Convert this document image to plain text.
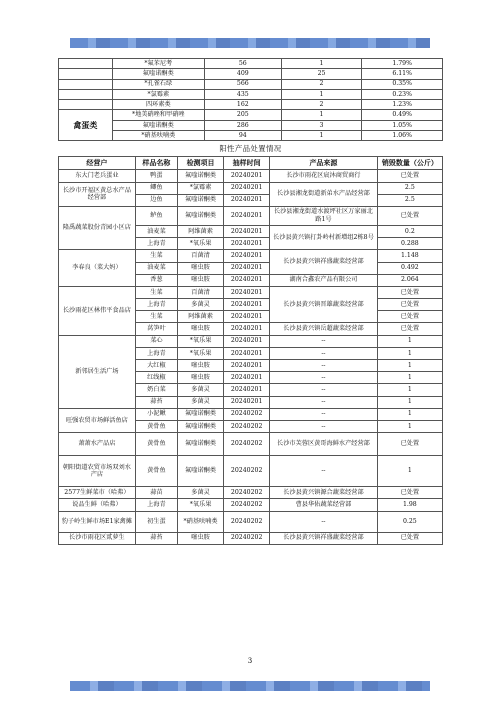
	*氟苯尼考	56	1	1.79%
	氟喹诺酮类	409	25	6.11%
	*孔雀石绿	566	2	0.35%
	*氯霉素	435	1	0.23%
	四环素类	162	2	1.23%
禽蛋类	*地美硝唑和甲硝唑	205	1	0.49%
	氟喹诺酮类	286	3	1.05%
	*硝基呋喃类	94	1	1.06%
阳性产品处置情况
经营户	样品名称	检测项目	抽样时间	产品来源	销毁数量（公斤）
东大门老兵蛋业	鸭蛋	氟喹诺酮类	20240201	长沙市雨花区宸沐商贸商行	已处置
长沙市开福区黄总水产品经营部	鲫鱼	*氯霉素	20240201	长沙县湘龙街道新弟水产品经营部	2.5
	边鱼	氟喹诺酮类	20240201		2.5
隆禹蔬菜股份青园小区店	鲈鱼	氟喹诺酮类	20240201	长沙县湘龙街道水渡坪社区万家丽北路1号	已处置
	油麦菜	阿维菌素	20240201	长沙县黄兴镇打卦岭村新增组2栋8号	0.2
	上海青	*氧乐果	20240201		0.288
李春良（菜大妈）	生菜	百菌清	20240201	长沙县黄兴镇祥盛蔬菜经营部	1.148
	油麦菜	噻虫胺	20240201		0.492
	香葱	噻虫胺	20240201	湖南合鑫农产品有限公司	2.064
长沙雨花区林伟平食品店	生菜	百菌清	20240201	长沙县黄兴镇晋雄蔬菜经营部	已处置
	上海青	多菌灵	20240201		已处置
	生菜	阿维菌素	20240201		已处置
	莴笋叶	噻虫胺	20240201	长沙县黄兴镇岳超蔬菜经营部	已处置
新邻居生活广场	菜心	*氧乐果	20240201	--	1
	上海青	*氧乐果	20240201	--	1
	大红椒	噻虫胺	20240201	--	1
	红线椒	噻虫胺	20240201	--	1
	奶白菜	多菌灵	20240201	--	1
	蒜苔	多菌灵	20240201	--	1
旺强农贸市场鲜活鱼店	小泥鳅	氟喹诺酮类	20240202	--	1
	黄骨鱼	氟喹诺酮类	20240202	--	1
萧萧水产品店	黄骨鱼	氟喹诺酮类	20240202	长沙市芙蓉区黄哥海鲜水产经营部	已处置
朝阳街道农贸市场双刘水产店	黄骨鱼	氟喹诺酮类	20240202	--	1
2577生鲜菜市（哈弗）	蒜苗	多菌灵	20240202	长沙县黄兴镇源合蔬菜经营部	已处置
说品生鲜（哈弗）	上海青	*氧乐果	20240202	曹县华佑蔬菜经营部	1.98
豹子岭生鲜市场E1家禽摊	初生蛋	*硝基呋喃类	20240202	--	0.25
长沙市雨花区贰萝生	蒜苔	噻虫胺	20240202	长沙县黄兴镇祥盛蔬菜经营部	已处置
3
